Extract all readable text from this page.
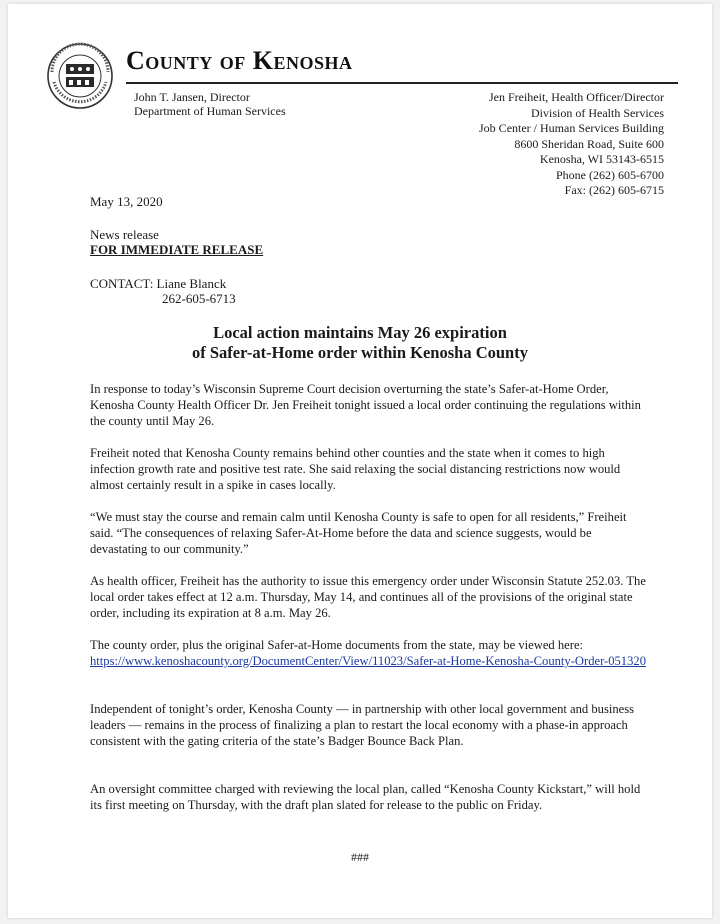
County of Kenosha
John T. Jansen, Director
Department of Human Services
Jen Freiheit, Health Officer/Director
Division of Health Services
Job Center / Human Services Building
8600 Sheridan Road, Suite 600
Kenosha, WI 53143-6515
Phone (262) 605-6700
Fax: (262) 605-6715
May 13, 2020
News release
FOR IMMEDIATE RELEASE
CONTACT: Liane Blanck
262-605-6713
Local action maintains May 26 expiration
of Safer-at-Home order within Kenosha County
In response to today’s Wisconsin Supreme Court decision overturning the state’s Safer-at-Home Order, Kenosha County Health Officer Dr. Jen Freiheit tonight issued a local order continuing the regulations within the county until May 26.
Freiheit noted that Kenosha County remains behind other counties and the state when it comes to high infection growth rate and positive test rate. She said relaxing the social distancing restrictions now would almost certainly result in a spike in cases locally.
“We must stay the course and remain calm until Kenosha County is safe to open for all residents,” Freiheit said. “The consequences of relaxing Safer-At-Home before the data and science suggests, would be devastating to our community.”
As health officer, Freiheit has the authority to issue this emergency order under Wisconsin Statute 252.03. The local order takes effect at 12 a.m. Thursday, May 14, and continues all of the provisions of the original state order, including its expiration at 8 a.m. May 26.
The county order, plus the original Safer-at-Home documents from the state, may be viewed here: https://www.kenoshacounty.org/DocumentCenter/View/11023/Safer-at-Home-Kenosha-County-Order-051320
Independent of tonight’s order, Kenosha County — in partnership with other local government and business leaders — remains in the process of finalizing a plan to restart the local economy with a phase-in approach consistent with the gating criteria of the state’s Badger Bounce Back Plan.
An oversight committee charged with reviewing the local plan, called “Kenosha County Kickstart,” will hold its first meeting on Thursday, with the draft plan slated for release to the public on Friday.
###
